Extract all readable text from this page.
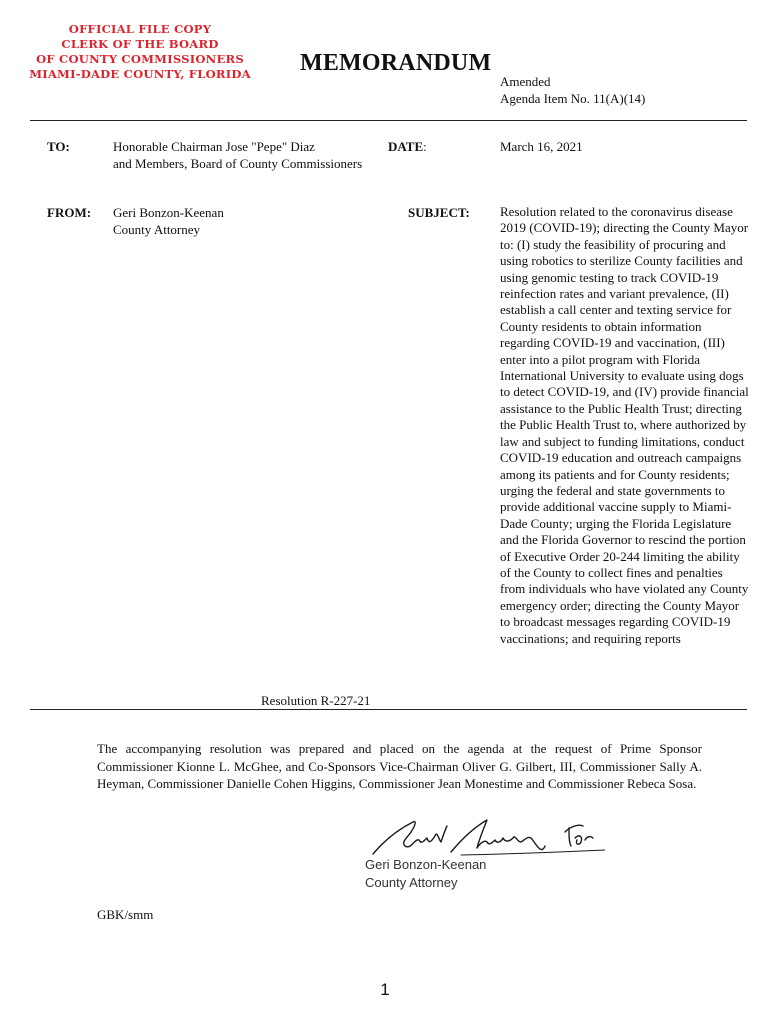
OFFICIAL FILE COPY
CLERK OF THE BOARD
OF COUNTY COMMISSIONERS
MIAMI-DADE COUNTY, FLORIDA MEMORANDUM
Amended
Agenda Item No. 11(A)(14)
TO:	Honorable Chairman Jose "Pepe" Diaz
and Members, Board of County Commissioners
DATE:	March 16, 2021
FROM: Geri Bonzon-Keenan
County Attorney
SUBJECT: Resolution related to the coronavirus disease 2019 (COVID-19); directing the County Mayor to: (I) study the feasibility of procuring and using robotics to sterilize County facilities and using genomic testing to track COVID-19 reinfection rates and variant prevalence, (II) establish a call center and texting service for County residents to obtain information regarding COVID-19 and vaccination, (III) enter into a pilot program with Florida International University to evaluate using dogs to detect COVID-19, and (IV) provide financial assistance to the Public Health Trust; directing the Public Health Trust to, where authorized by law and subject to funding limitations, conduct COVID-19 education and outreach campaigns among its patients and for County residents; urging the federal and state governments to provide additional vaccine supply to Miami-Dade County; urging the Florida Legislature and the Florida Governor to rescind the portion of Executive Order 20-244 limiting the ability of the County to collect fines and penalties from individuals who have violated any County emergency order; directing the County Mayor to broadcast messages regarding COVID-19 vaccinations; and requiring reports
Resolution R-227-21
The accompanying resolution was prepared and placed on the agenda at the request of Prime Sponsor Commissioner Kionne L. McGhee, and Co-Sponsors Vice-Chairman Oliver G. Gilbert, III, Commissioner Sally A. Heyman, Commissioner Danielle Cohen Higgins, Commissioner Jean Monestime and Commissioner Rebeca Sosa.
Geri Bonzon-Keenan
County Attorney
GBK/smm
1
